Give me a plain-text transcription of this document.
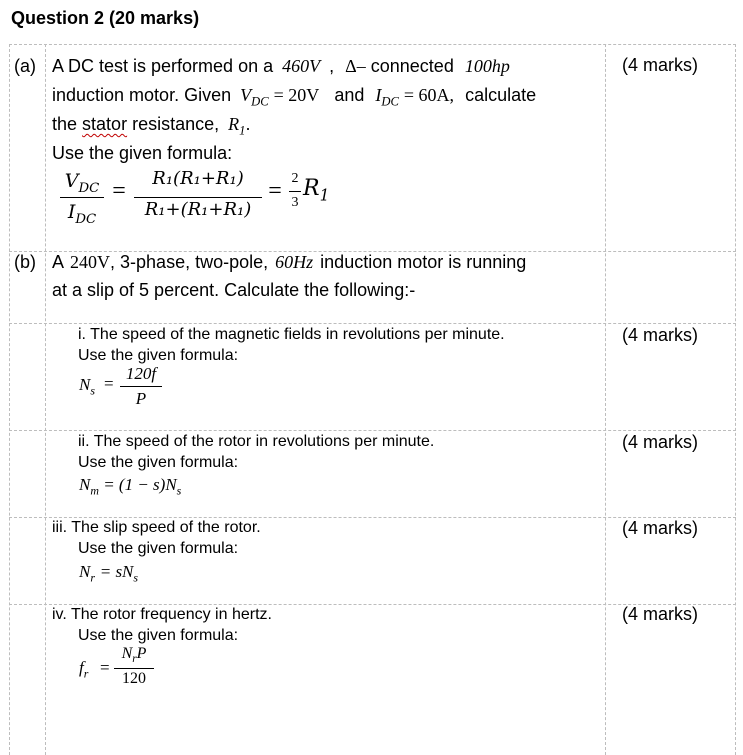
Question 2 (20 marks)
(a) A DC test is performed on a 460V , Δ– connected 100hp	(4 marks)
induction motor. Given $V_{DC} = 20V$ and $I_{DC} = 60A$, calculate
the stator resistance, $R_1$.
Use the given formula:
$V_{DC}$
$I_{DC}$
=	R₁(R₁+R₁)
R₁+(R₁+R₁)
= 2
3
$R_1$
(b) A 240V, 3-phase, two-pole, 60Hz induction motor is running
at a slip of 5 percent. Calculate the following:-
i. The speed of the magnetic fields in revolutions per minute.
Use the given formula:
(4 marks)
$N_s$ =
120f
P
ii. The speed of the rotor in revolutions per minute.
Use the given formula:
(4 marks)
$N_m = (1 - s)N_s$
iii. The slip speed of the rotor.
Use the given formula:
(4 marks)
$N_r = sN_s$
iv. The rotor frequency in hertz.
Use the given formula:
(4 marks)
$f_r$ =
$N_rP$
120
